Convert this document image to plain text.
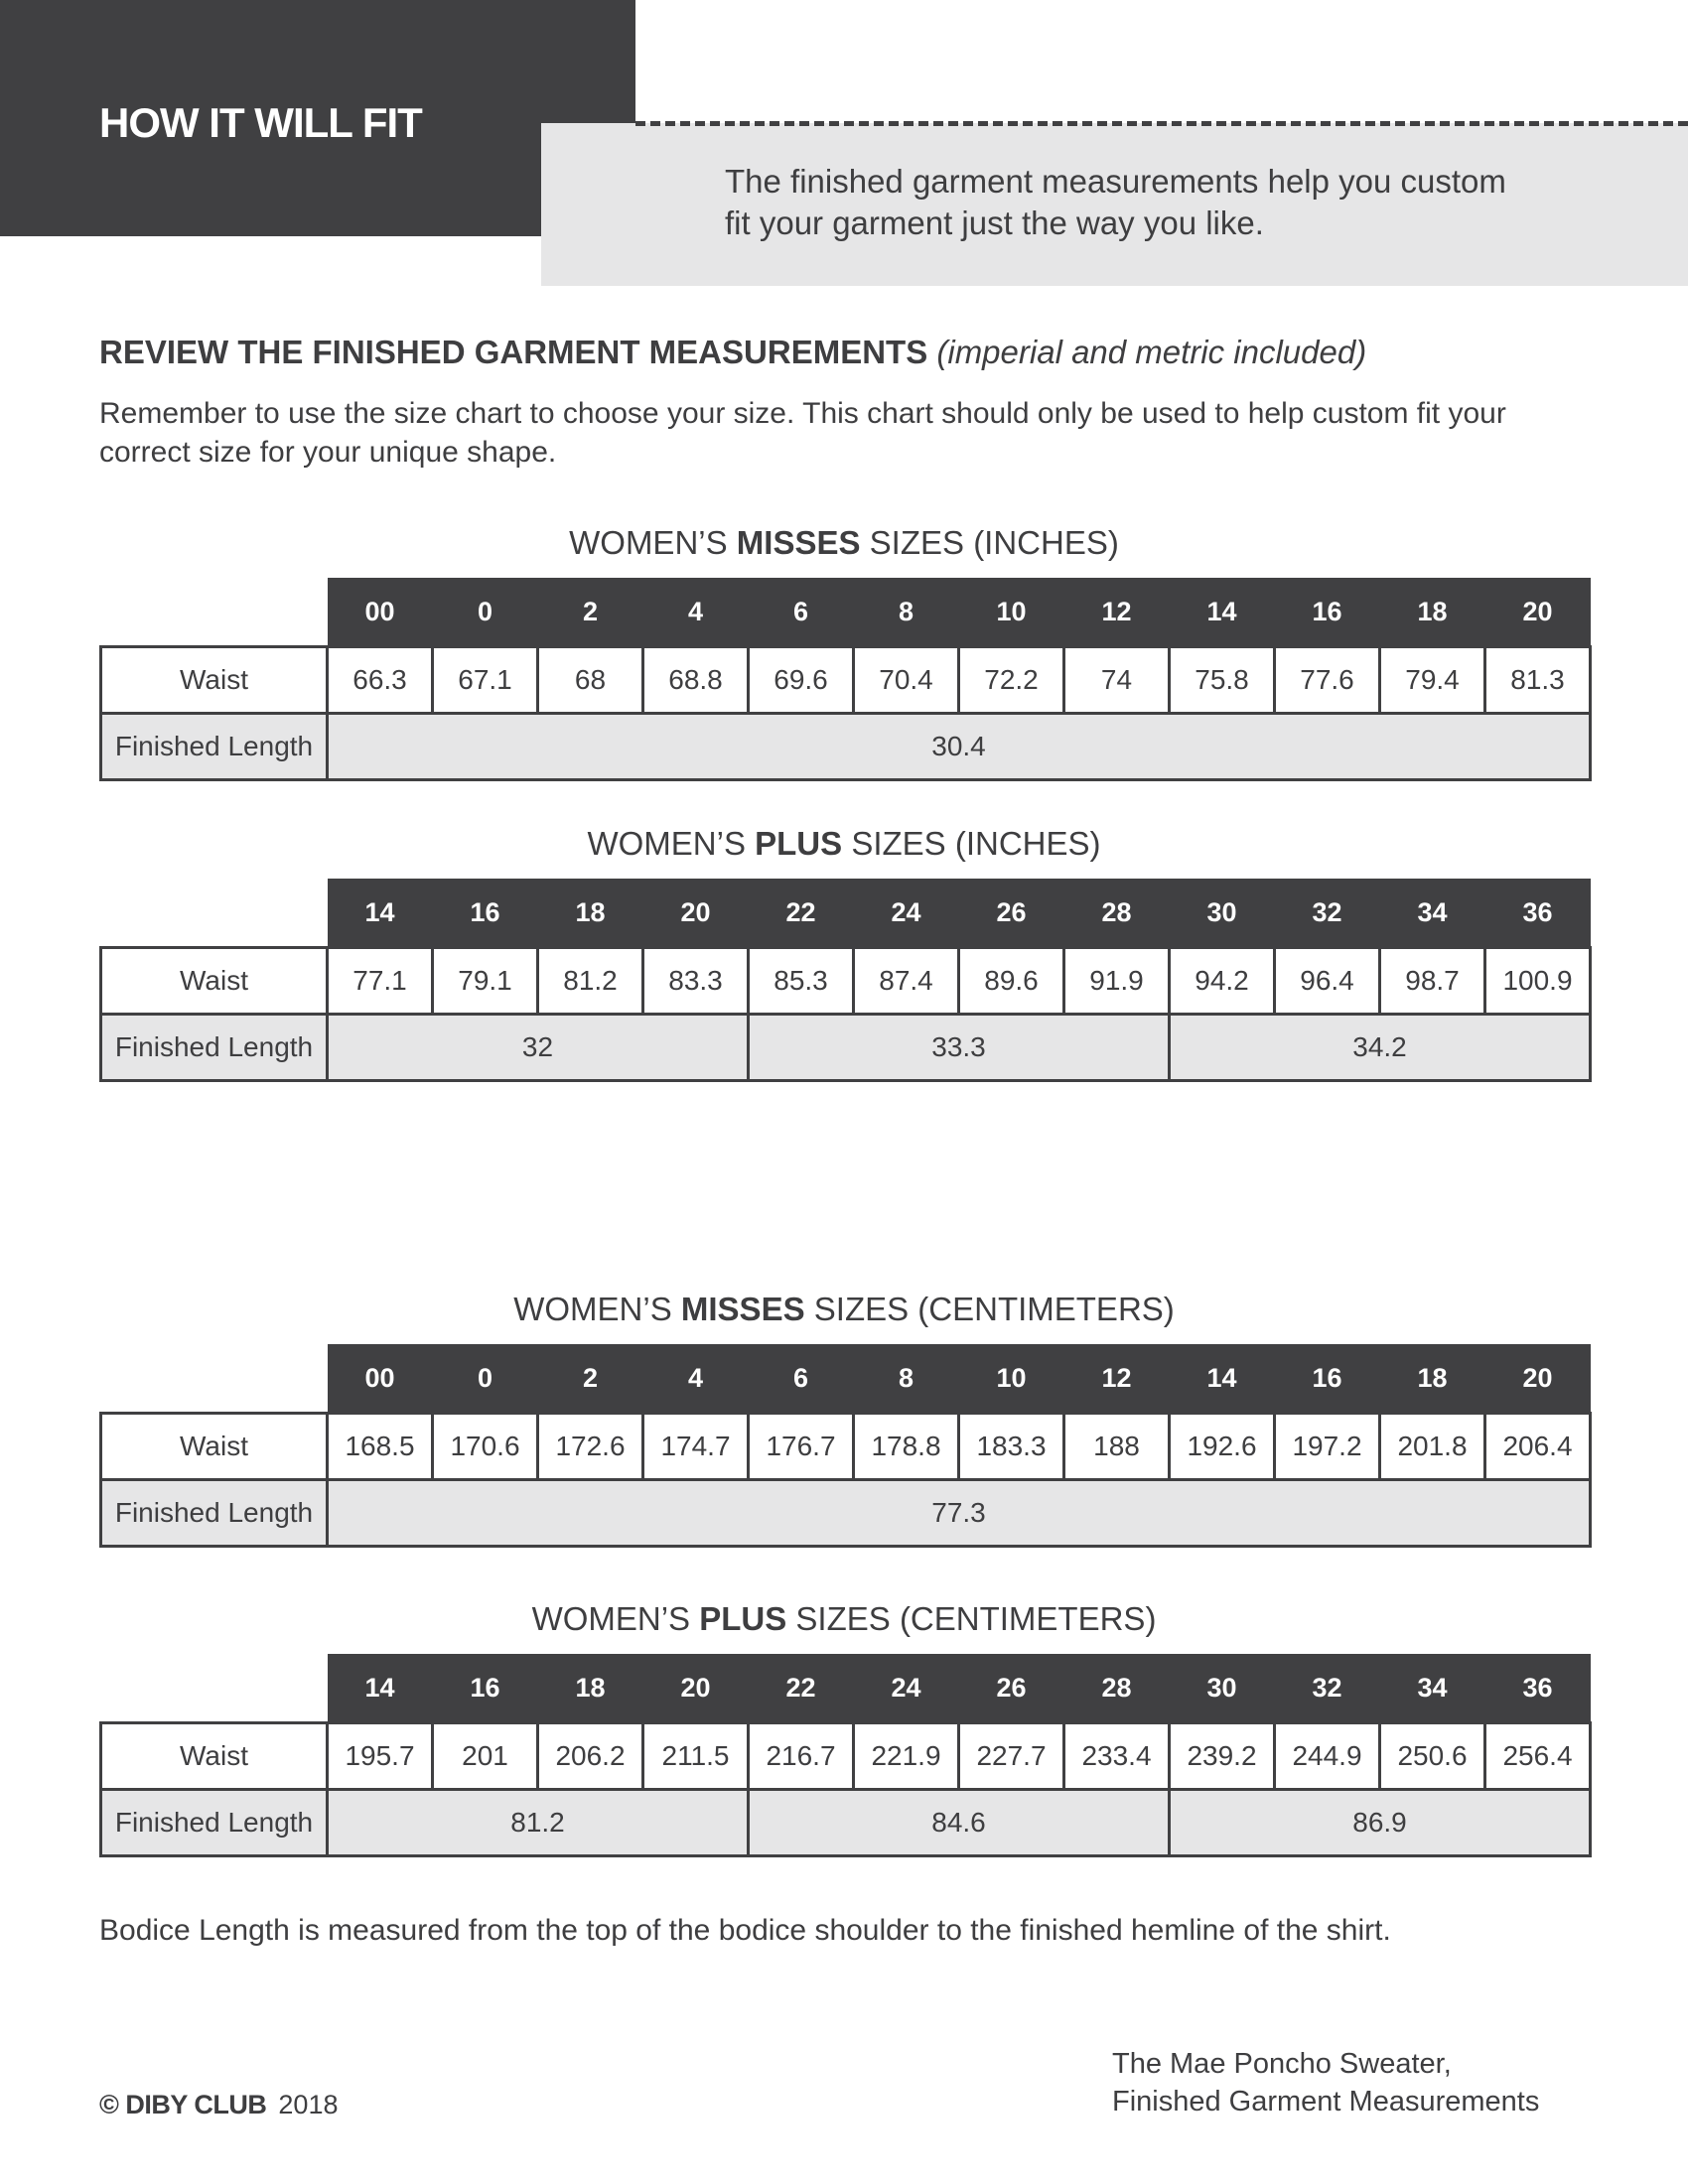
HOW IT WILL FIT

The finished garment measurements help you custom
fit your garment just the way you like.

REVIEW THE FINISHED GARMENT MEASUREMENTS (imperial and metric included)

Remember to use the size chart to choose your size. This chart should only be used to help custom fit your correct size for your unique shape.

WOMEN’S MISSES SIZES (INCHES)
	00	0	2	4	6	8	10	12	14	16	18	20
Waist	66.3	67.1	68	68.8	69.6	70.4	72.2	74	75.8	77.6	79.4	81.3
Finished Length	30.4											
WOMEN’S PLUS SIZES (INCHES)
	14	16	18	20	22	24	26	28	30	32	34	36
Waist	77.1	79.1	81.2	83.3	85.3	87.4	89.6	91.9	94.2	96.4	98.7	100.9
Finished Length	32				33.3				34.2			
WOMEN’S MISSES SIZES (CENTIMETERS)
	00	0	2	4	6	8	10	12	14	16	18	20
Waist	168.5	170.6	172.6	174.7	176.7	178.8	183.3	188	192.6	197.2	201.8	206.4
Finished Length	77.3											
WOMEN’S PLUS SIZES (CENTIMETERS)
	14	16	18	20	22	24	26	28	30	32	34	36
Waist	195.7	201	206.2	211.5	216.7	221.9	227.7	233.4	239.2	244.9	250.6	256.4
Finished Length	81.2				84.6				86.9			

Bodice Length is measured from the top of the bodice shoulder to the finished hemline of the shirt.

© DIBY CLUB 2018

The Mae Poncho Sweater,
Finished Garment Measurements
